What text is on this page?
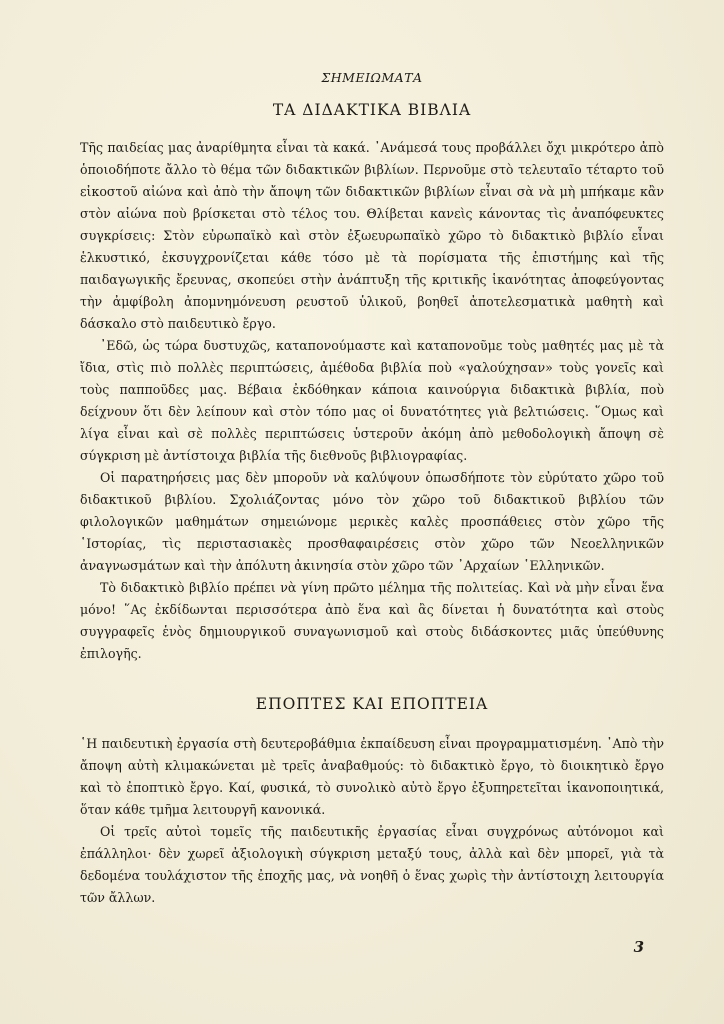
ΣΗΜΕΙΩΜΑΤΑ
ΤΑ ΔΙΔΑΚΤΙΚΑ ΒΙΒΛΙΑ

Τῆς παιδείας μας ἀναρίθμητα εἶναι τὰ κακά. ᾿Ανάμεσά τους προβάλλει ὄχι μικρότερο ἀπὸ ὁποιοδήποτε ἄλλο τὸ θέμα τῶν διδακτικῶν βιβλίων. Περνοῦμε στὸ τελευταῖο τέταρτο τοῦ εἰκοστοῦ αἰώνα καὶ ἀπὸ τὴν ἄποψη τῶν διδακτικῶν βιβλίων εἶναι σὰ νὰ μὴ μπήκαμε κἂν στὸν αἰώνα ποὺ βρίσκεται στὸ τέλος του. Θλίβεται κανεὶς κάνοντας τὶς ἀναπόφευκτες συγκρίσεις: Στὸν εὐρωπαϊκὸ καὶ στὸν ἐξωευρωπαϊκὸ χῶρο τὸ διδακτικὸ βιβλίο εἶναι ἑλκυστικό, ἐκσυγχρονίζεται κάθε τόσο μὲ τὰ πορίσματα τῆς ἐπιστήμης καὶ τῆς παιδαγωγικῆς ἔρευνας, σκοπεύει στὴν ἀνάπτυξη τῆς κριτικῆς ἱκανότητας ἀποφεύγοντας τὴν ἀμφίβολη ἀπομνημόνευση ρευστοῦ ὑλικοῦ, βοηθεῖ ἀποτελεσματικὰ μαθητὴ καὶ δάσκαλο στὸ παιδευτικὸ ἔργο.

᾿Εδῶ, ὡς τώρα δυστυχῶς, καταπονούμαστε καὶ καταπονοῦμε τοὺς μαθητές μας μὲ τὰ ἴδια, στὶς πιὸ πολλὲς περιπτώσεις, ἀμέθοδα βιβλία ποὺ «γαλούχησαν» τοὺς γονεῖς καὶ τοὺς παπποῦδες μας. Βέβαια ἐκδόθηκαν κάποια καινούργια διδακτικὰ βιβλία, ποὺ δείχνουν ὅτι δὲν λείπουν καὶ στὸν τόπο μας οἱ δυνατότητες γιὰ βελτιώσεις. ῞Ομως καὶ λίγα εἶναι καὶ σὲ πολλὲς περιπτώσεις ὑστεροῦν ἀκόμη ἀπὸ μεθοδολογικὴ ἄποψη σὲ σύγκριση μὲ ἀντίστοιχα βιβλία τῆς διεθνοῦς βιβλιογραφίας.

Οἱ παρατηρήσεις μας δὲν μποροῦν νὰ καλύψουν ὁπωσδήποτε τὸν εὐρύτατο χῶρο τοῦ διδακτικοῦ βιβλίου. Σχολιάζοντας μόνο τὸν χῶρο τοῦ διδακτικοῦ βιβλίου τῶν φιλολογικῶν μαθημάτων σημειώνομε μερικὲς καλὲς προσπάθειες στὸν χῶρο τῆς ῾Ιστορίας, τὶς περιστασιακὲς προσθαφαιρέσεις στὸν χῶρο τῶν Νεοελληνικῶν ἀναγνωσμάτων καὶ τὴν ἀπόλυτη ἀκινησία στὸν χῶρο τῶν ᾿Αρχαίων ῾Ελληνικῶν.

Τὸ διδακτικὸ βιβλίο πρέπει νὰ γίνη πρῶτο μέλημα τῆς πολιτείας. Καὶ νὰ μὴν εἶναι ἕνα μόνο! ῞Ας ἐκδίδωνται περισσότερα ἀπὸ ἕνα καὶ ἂς δίνεται ἡ δυνατότητα καὶ στοὺς συγγραφεῖς ἑνὸς δημιουργικοῦ συναγωνισμοῦ καὶ στοὺς διδάσκοντες μιᾶς ὑπεύθυνης ἐπιλογῆς.

ΕΠΟΠΤΕΣ ΚΑΙ ΕΠΟΠΤΕΙΑ

῾Η παιδευτικὴ ἐργασία στὴ δευτεροβάθμια ἐκπαίδευση εἶναι προγραμματισμένη. ᾿Απὸ τὴν ἄποψη αὐτὴ κλιμακώνεται μὲ τρεῖς ἀναβαθμούς: τὸ διδακτικὸ ἔργο, τὸ διοικητικὸ ἔργο καὶ τὸ ἐποπτικὸ ἔργο. Καί, φυσικά, τὸ συνολικὸ αὐτὸ ἔργο ἐξυπηρετεῖται ἱκανοποιητικά, ὅταν κάθε τμῆμα λειτουργῆ κανονικά.

Οἱ τρεῖς αὐτοὶ τομεῖς τῆς παιδευτικῆς ἐργασίας εἶναι συγχρόνως αὐτόνομοι καὶ ἐπάλληλοι· δὲν χωρεῖ ἀξιολογικὴ σύγκριση μεταξύ τους, ἀλλὰ καὶ δὲν μπορεῖ, γιὰ τὰ δεδομένα τουλάχιστον τῆς ἐποχῆς μας, νὰ νοηθῆ ὁ ἕνας χωρὶς τὴν ἀντίστοιχη λειτουργία τῶν ἄλλων.

3
